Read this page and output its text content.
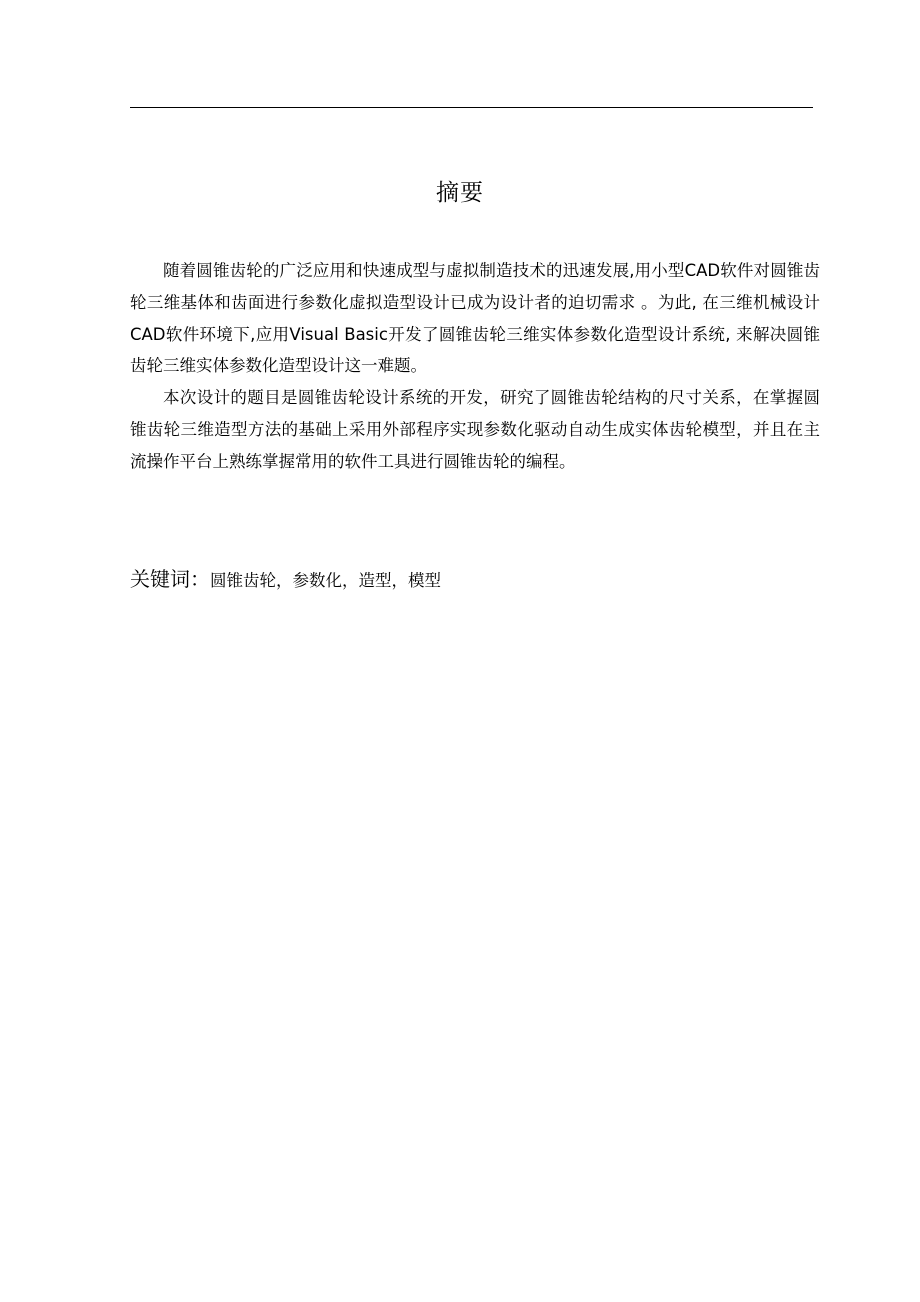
摘要

随着圆锥齿轮的广泛应用和快速成型与虚拟制造技术的迅速发展,用小型CAD软件对圆锥齿轮三维基体和齿面进行参数化虚拟造型设计已成为设计者的迫切需求 。为此, 在三维机械设计CAD软件环境下,应用Visual Basic开发了圆锥齿轮三维实体参数化造型设计系统, 来解决圆锥齿轮三维实体参数化造型设计这一难题。

本次设计的题目是圆锥齿轮设计系统的开发，研究了圆锥齿轮结构的尺寸关系，在掌握圆锥齿轮三维造型方法的基础上采用外部程序实现参数化驱动自动生成实体齿轮模型，并且在主流操作平台上熟练掌握常用的软件工具进行圆锥齿轮的编程。

关键词：圆锥齿轮，参数化，造型，模型
